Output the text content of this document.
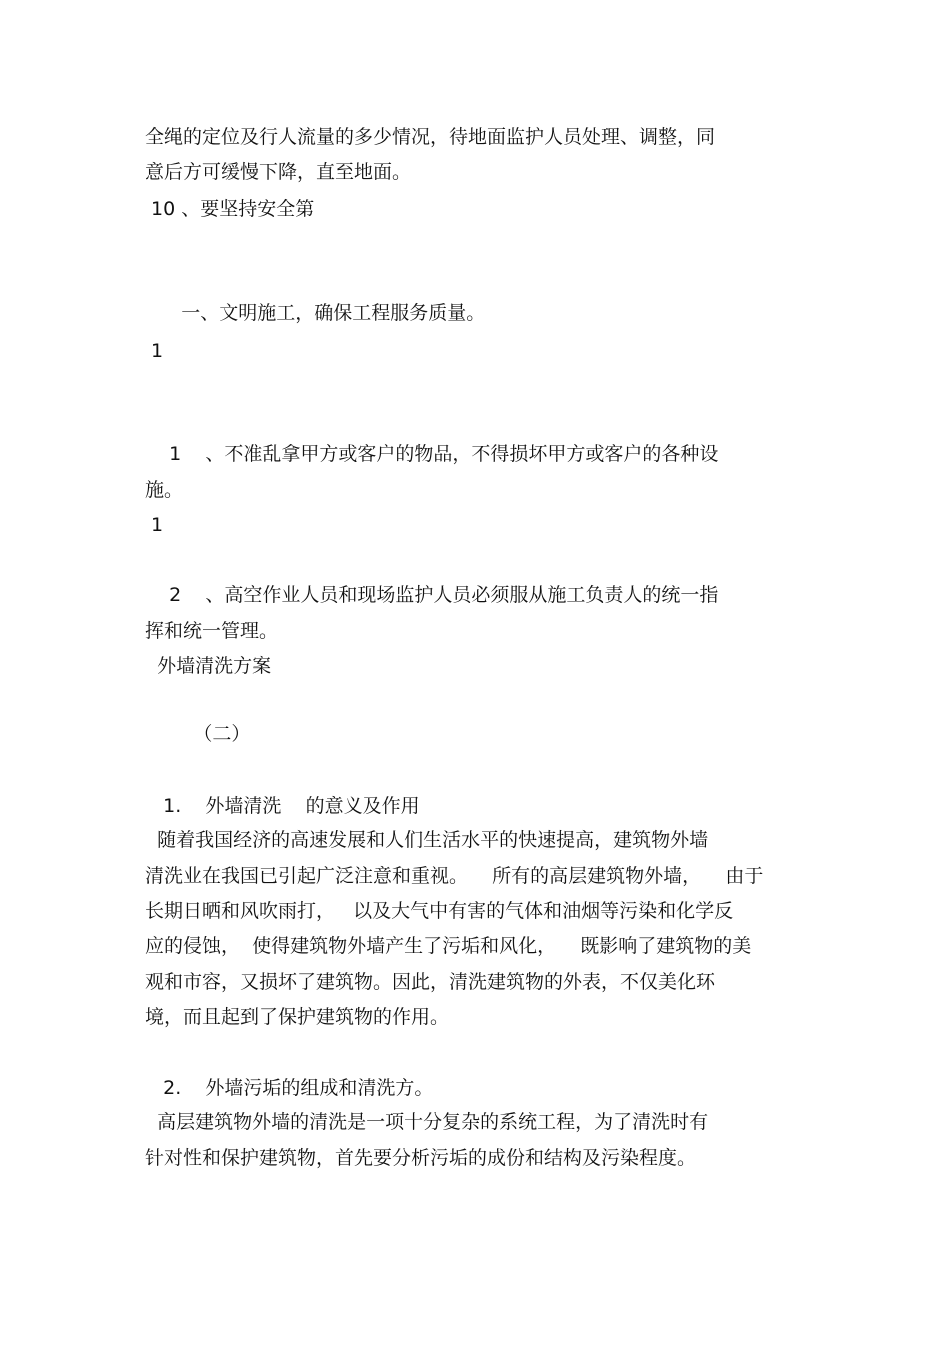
全绳的定位及行人流量的多少情况，待地面监护人员处理、调整，同
意后方可缓慢下降，直至地面。
10 、要坚持安全第
一、文明施工，确保工程服务质量。
1
1    、不准乱拿甲方或客户的物品，不得损坏甲方或客户的各种设
施。
1
2    、高空作业人员和现场监护人员必须服从施工负责人的统一指
挥和统一管理。
外墙清洗方案
（二）
1.    外墙清洗    的意义及作用
随着我国经济的高速发展和人们生活水平的快速提高，建筑物外墙
清洗业在我国已引起广泛注意和重视。    所有的高层建筑物外墙，    由于
长期日晒和风吹雨打，   以及大气中有害的气体和油烟等污染和化学反
应的侵蚀，  使得建筑物外墙产生了污垢和风化，    既影响了建筑物的美
观和市容，又损坏了建筑物。因此，清洗建筑物的外表，不仅美化环
境，而且起到了保护建筑物的作用。
2.    外墙污垢的组成和清洗方。
高层建筑物外墙的清洗是一项十分复杂的系统工程，为了清洗时有
针对性和保护建筑物，首先要分析污垢的成份和结构及污染程度。
